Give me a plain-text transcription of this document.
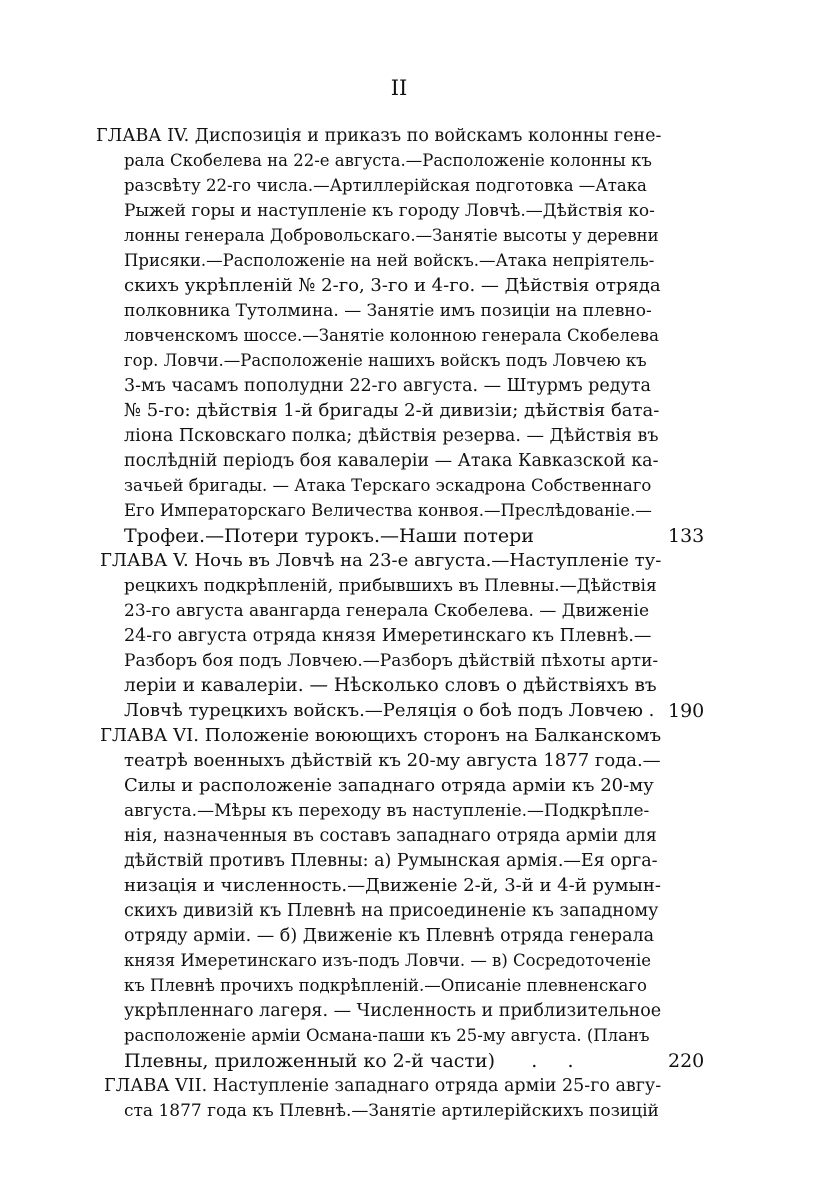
II
ГЛАВА IV. Диспозиція и приказъ по войскамъ колонны гене-
рала Скобелева на 22-е августа.—Расположеніе колонны къ
разсвѣту 22-го числа.—Артиллерійская подготовка —Атака
Рыжей горы и наступленіе къ городу Ловчѣ.—Дѣйствія ко-
лонны генерала Добровольскаго.—Занятіе высоты у деревни
Присяки.—Расположеніе на ней войскъ.—Атака непріятель-
скихъ укрѣпленій № 2-го, 3-го и 4-го. — Дѣйствія отряда
полковника Тутолмина. — Занятіе имъ позиціи на плевно-
ловченскомъ шоссе.—Занятіе колонною генерала Скобелева
гор. Ловчи.—Расположеніе нашихъ войскъ подъ Ловчею къ
3-мъ часамъ пополудни 22-го августа. — Штурмъ редута
№ 5-го: дѣйствія 1-й бригады 2-й дивизіи; дѣйствія бата-
ліона Псковскаго полка; дѣйствія резерва. — Дѣйствія въ
послѣдній періодъ боя кавалеріи — Атака Кавказской ка-
зачьей бригады. — Атака Терскаго эскадрона Собственнаго
Его Императорскаго Величества конвоя.—Преслѣдованіе.—
Трофеи.—Потери турокъ.—Наши потери	133
ГЛАВА V. Ночь въ Ловчѣ на 23-е августа.—Наступленіе ту-
рецкихъ подкрѣпленій, прибывшихъ въ Плевны.—Дѣйствія
23-го августа авангарда генерала Скобелева. — Движеніе
24-го августа отряда князя Имеретинскаго къ Плевнѣ.—
Разборъ боя подъ Ловчею.—Разборъ дѣйствій пѣхоты арти-
леріи и кавалеріи. — Нѣсколько словъ о дѣйствіяхъ въ
Ловчѣ турецкихъ войскъ.—Реляція о боѣ подъ Ловчею . 190
ГЛАВА VI. Положеніе воюющихъ сторонъ на Балканскомъ
театрѣ военныхъ дѣйствій къ 20-му августа 1877 года.—
Силы и расположеніе западнаго отряда арміи къ 20-му
августа.—Мѣры къ переходу въ наступленіе.—Подкрѣпле-
нія, назначенныя въ составъ западнаго отряда арміи для
дѣйствій противъ Плевны: а) Румынская армія.—Ея орга-
низація и численность.—Движеніе 2-й, 3-й и 4-й румын-
скихъ дивизій къ Плевнѣ на присоединеніе къ западному
отряду арміи. — б) Движеніе къ Плевнѣ отряда генерала
князя Имеретинскаго изъ-подъ Ловчи. — в) Сосредоточеніе
къ Плевнѣ прочихъ подкрѣпленій.—Описаніе плевненскаго
укрѣпленнаго лагеря. — Численность и приблизительное
расположеніе арміи Османа-паши къ 25-му августа. (Планъ
Плевны, приложенный ко 2-й части)      .     .	220
ГЛАВА VII. Наступленіе западнаго отряда арміи 25-го авгу-
ста 1877 года къ Плевнѣ.—Занятіе артилерійскихъ позицій
